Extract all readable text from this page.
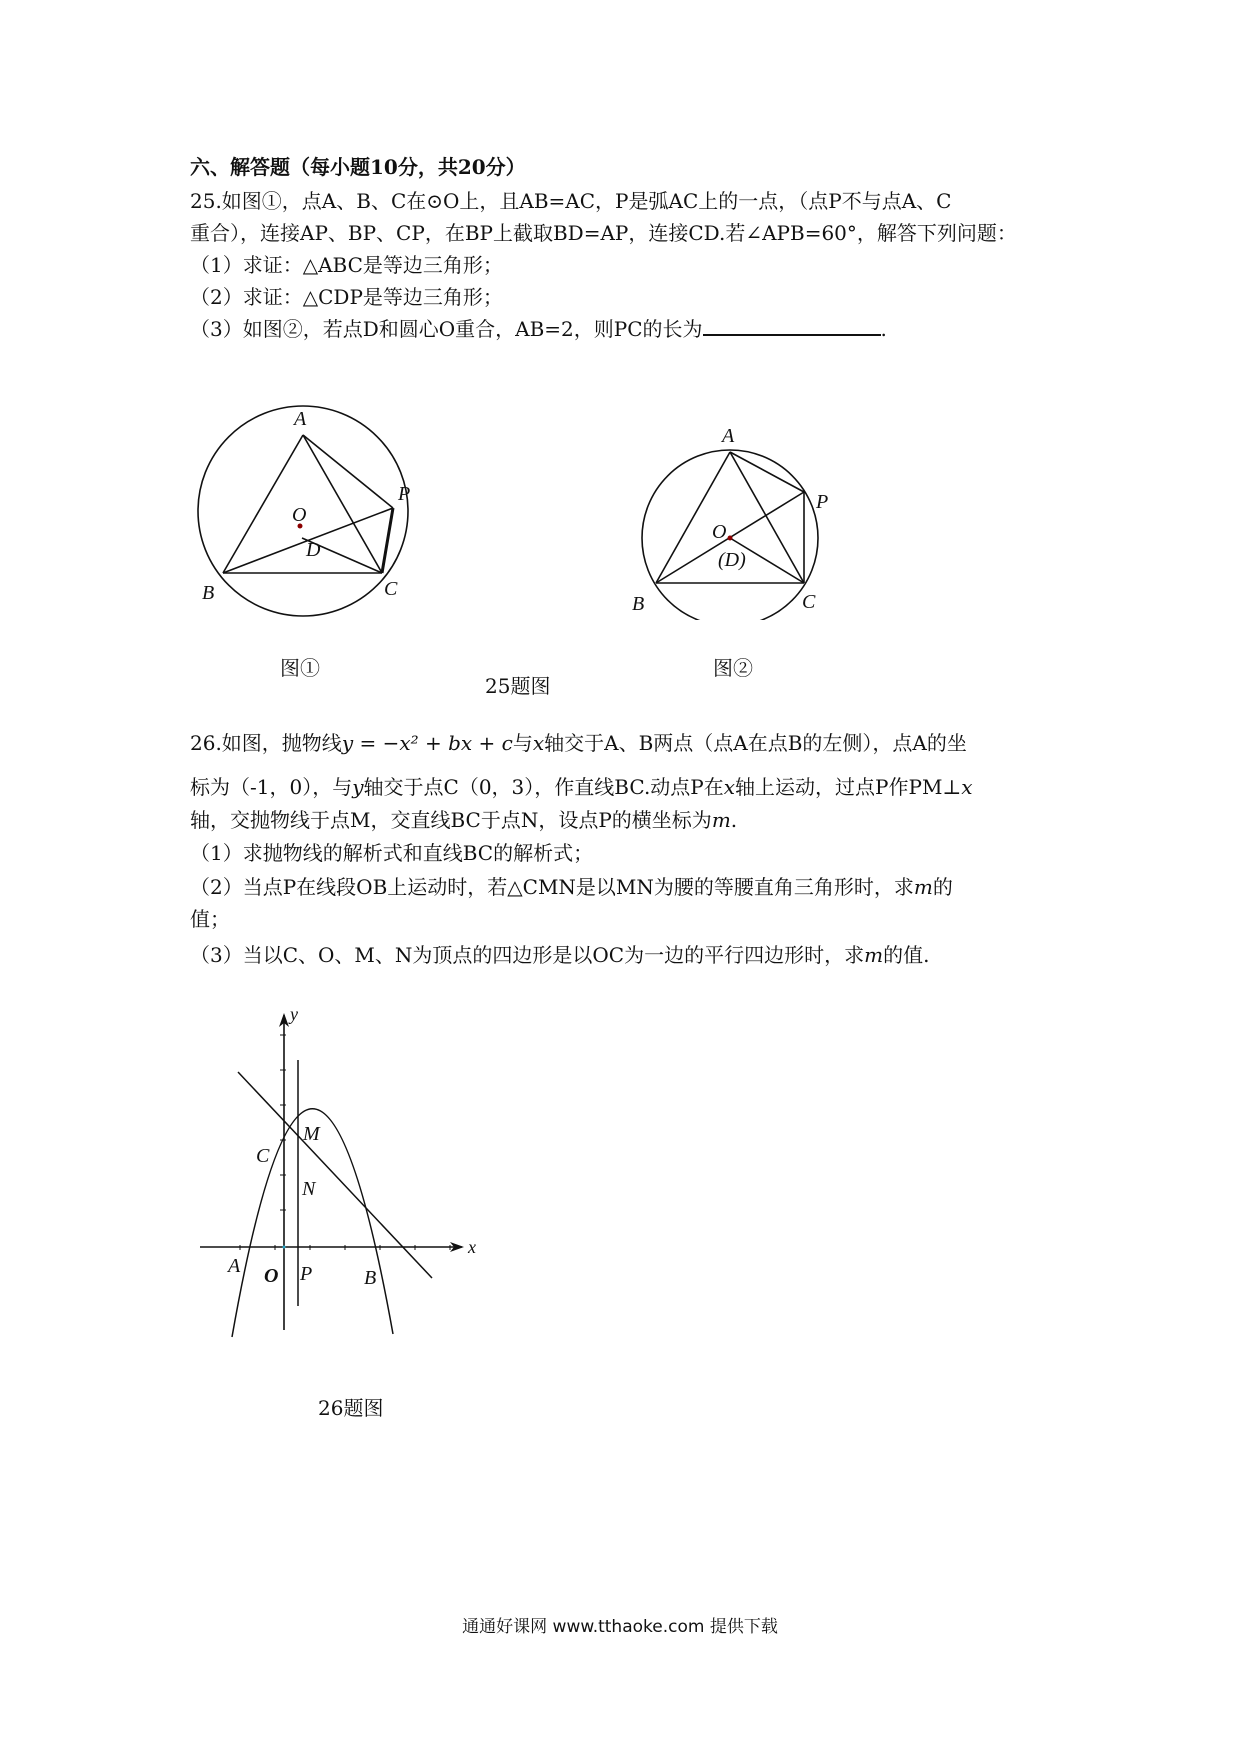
六、解答题（每小题10分，共20分）
25.如图①，点A、B、C在⊙O上，且AB=AC，P是弧AC上的一点，（点P不与点A、C
重合），连接AP、BP、CP，在BP上截取BD=AP，连接CD.若∠APB=60°，解答下列问题：
（1）求证：△ABC是等边三角形；
（2）求证：△CDP是等边三角形；
（3）如图②，若点D和圆心O重合，AB=2，则PC的长为	.
A
B	C
P
O
D
图①
A
B	C
P
O
(D)
图②
25题图
26.如图，抛物线y = −x² + bx + c与x轴交于A、B两点（点A在点B的左侧），点A的坐
标为（-1，0），与y轴交于点C（0，3），作直线BC.动点P在x轴上运动，过点P作PM⊥x
轴，交抛物线于点M，交直线BC于点N，设点P的横坐标为m.
（1）求抛物线的解析式和直线BC的解析式；
（2）当点P在线段OB上运动时，若△CMN是以MN为腰的等腰直角三角形时，求m的
值；
（3）当以C、O、M、N为顶点的四边形是以OC为一边的平行四边形时，求m的值.
y
x
C
M
N
A O P	B
26题图
通通好课网 www.tthaoke.com 提供下载
